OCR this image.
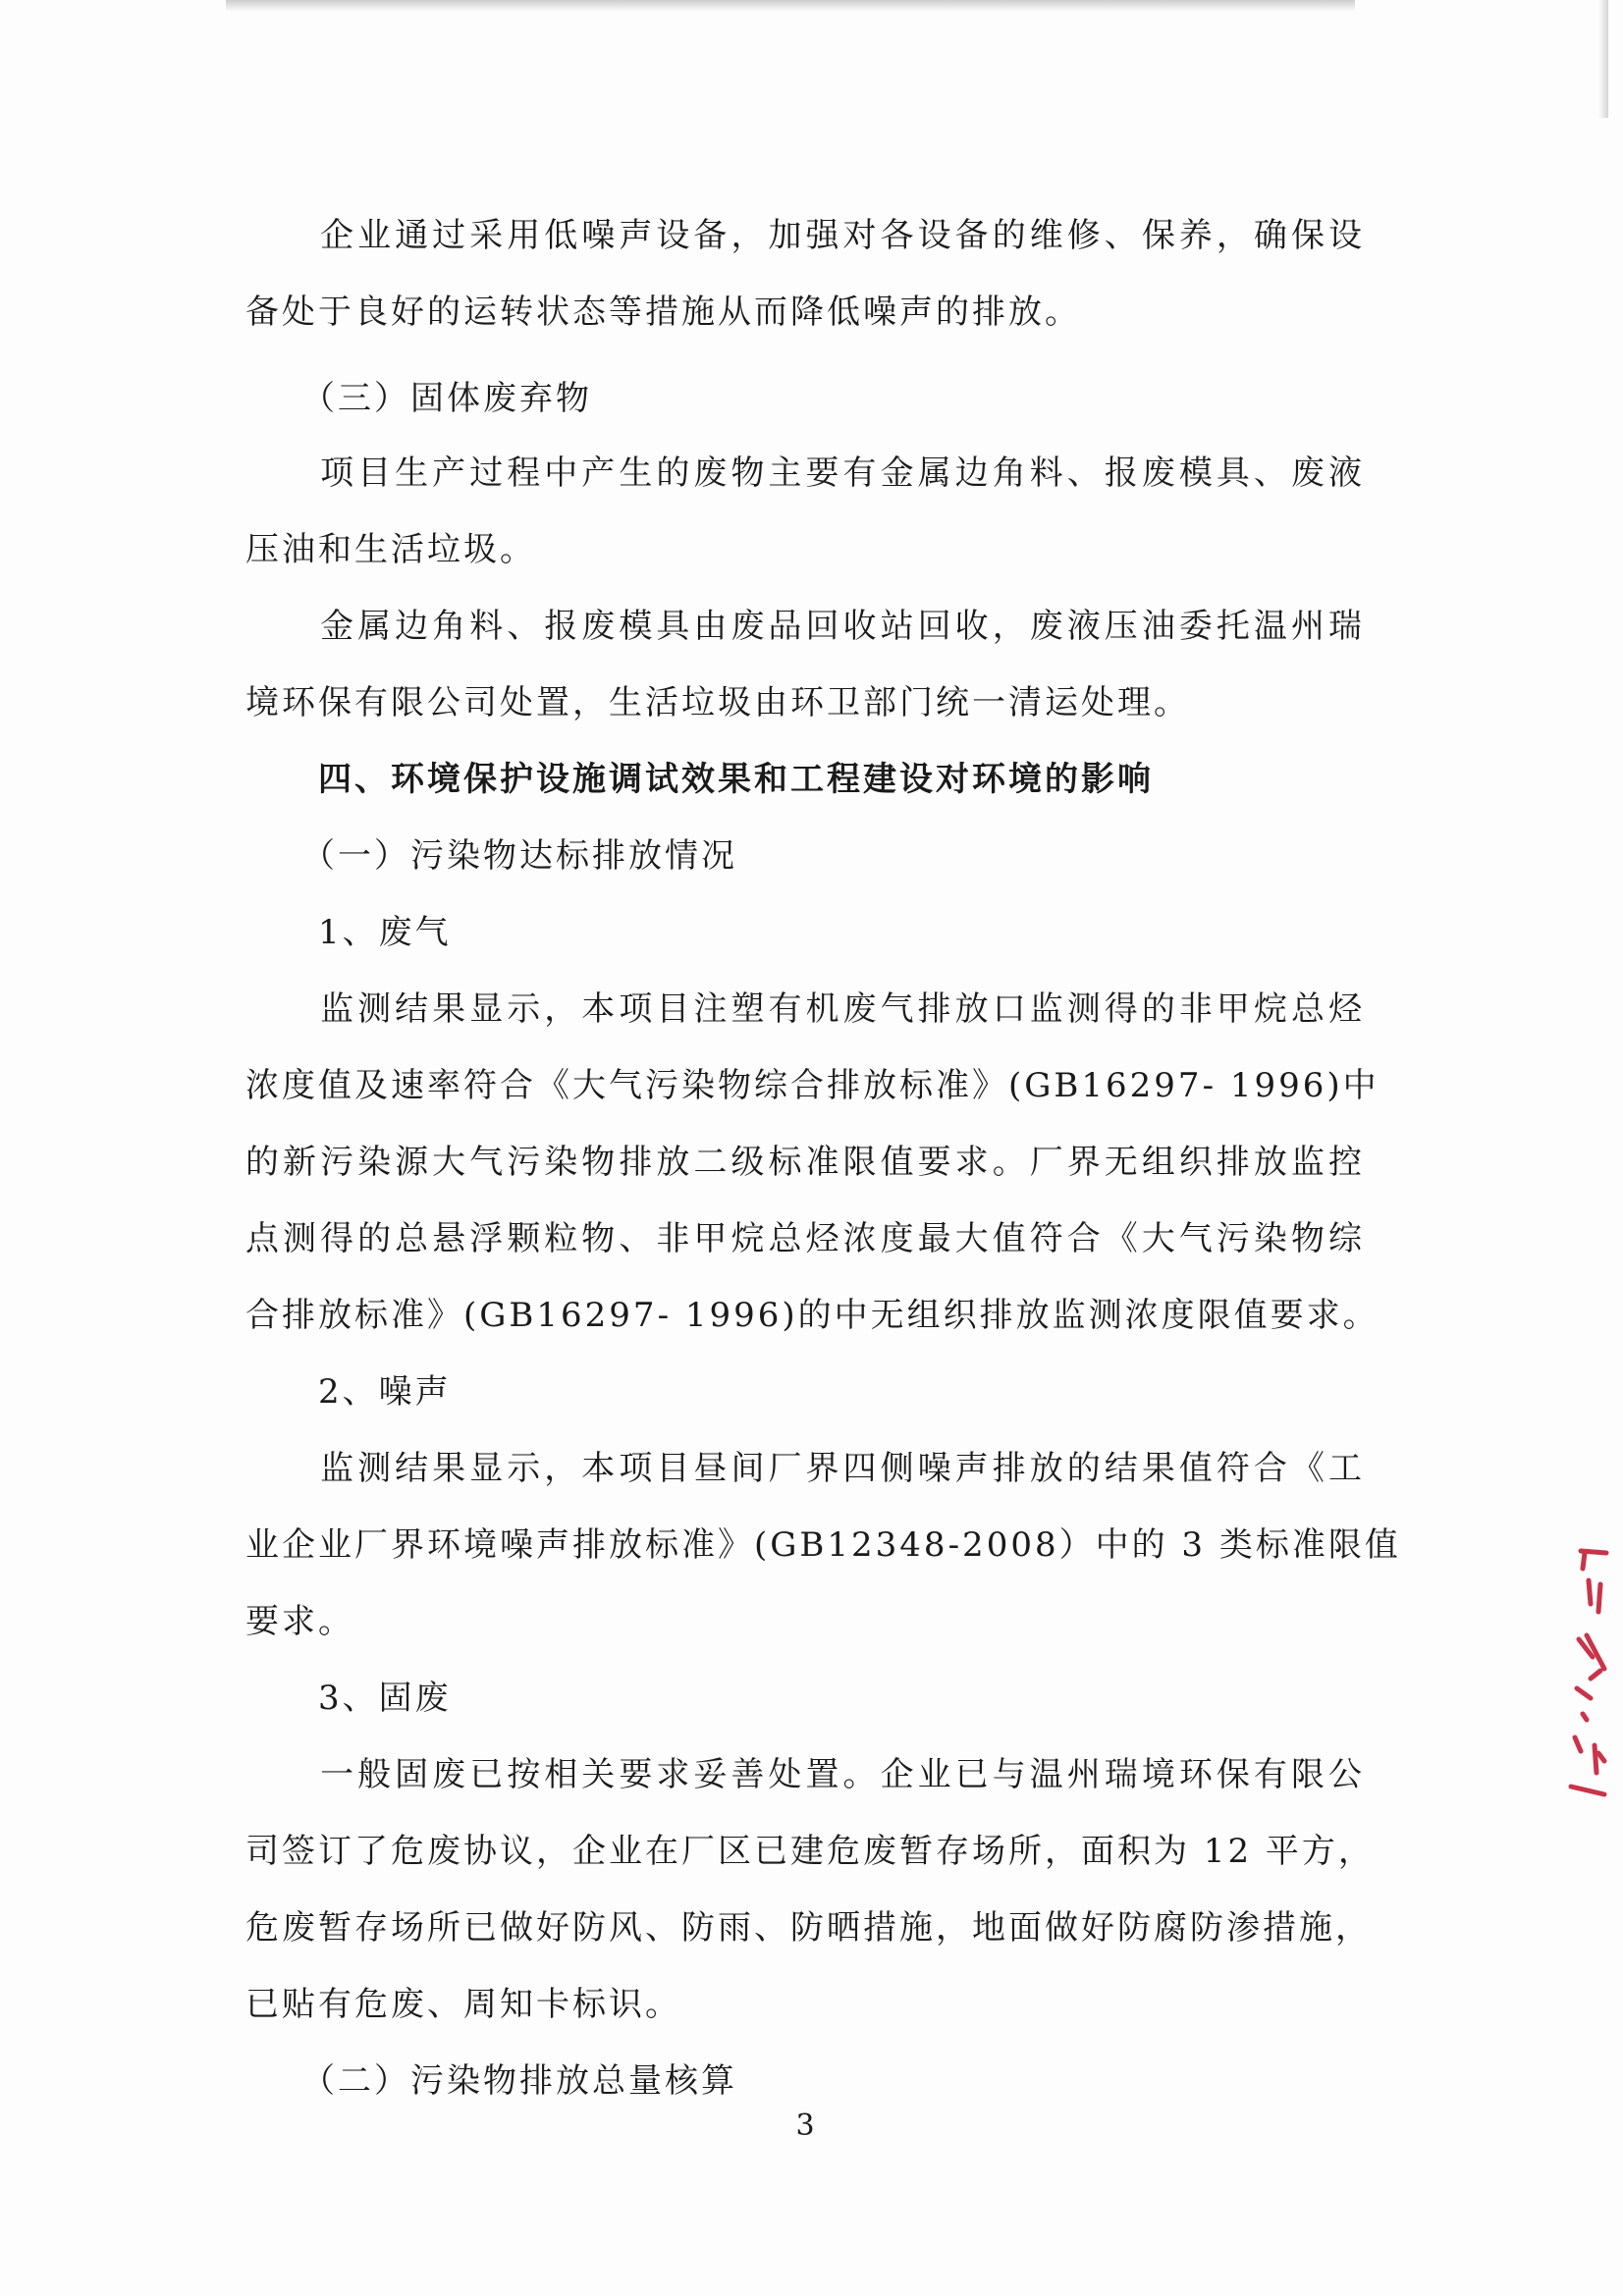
　　企业通过采用低噪声设备，加强对各设备的维修、保养，确保设
备处于良好的运转状态等措施从而降低噪声的排放。
　　（三）固体废弃物
　　项目生产过程中产生的废物主要有金属边角料、报废模具、废液
压油和生活垃圾。
　　金属边角料、报废模具由废品回收站回收，废液压油委托温州瑞
境环保有限公司处置，生活垃圾由环卫部门统一清运处理。
　　四、环境保护设施调试效果和工程建设对环境的影响
　　（一）污染物达标排放情况
　　1、废气
　　监测结果显示，本项目注塑有机废气排放口监测得的非甲烷总烃
浓度值及速率符合《大气污染物综合排放标准》(GB16297- 1996)中
的新污染源大气污染物排放二级标准限值要求。厂界无组织排放监控
点测得的总悬浮颗粒物、非甲烷总烃浓度最大值符合《大气污染物综
合排放标准》(GB16297- 1996)的中无组织排放监测浓度限值要求。
　　2、噪声
　　监测结果显示，本项目昼间厂界四侧噪声排放的结果值符合《工
业企业厂界环境噪声排放标准》(GB12348-2008）中的 3 类标准限值
要求。
　　3、固废
　　一般固废已按相关要求妥善处置。企业已与温州瑞境环保有限公
司签订了危废协议，企业在厂区已建危废暂存场所，面积为 12 平方，
危废暂存场所已做好防风、防雨、防晒措施，地面做好防腐防渗措施，
已贴有危废、周知卡标识。
　　（二）污染物排放总量核算
3
